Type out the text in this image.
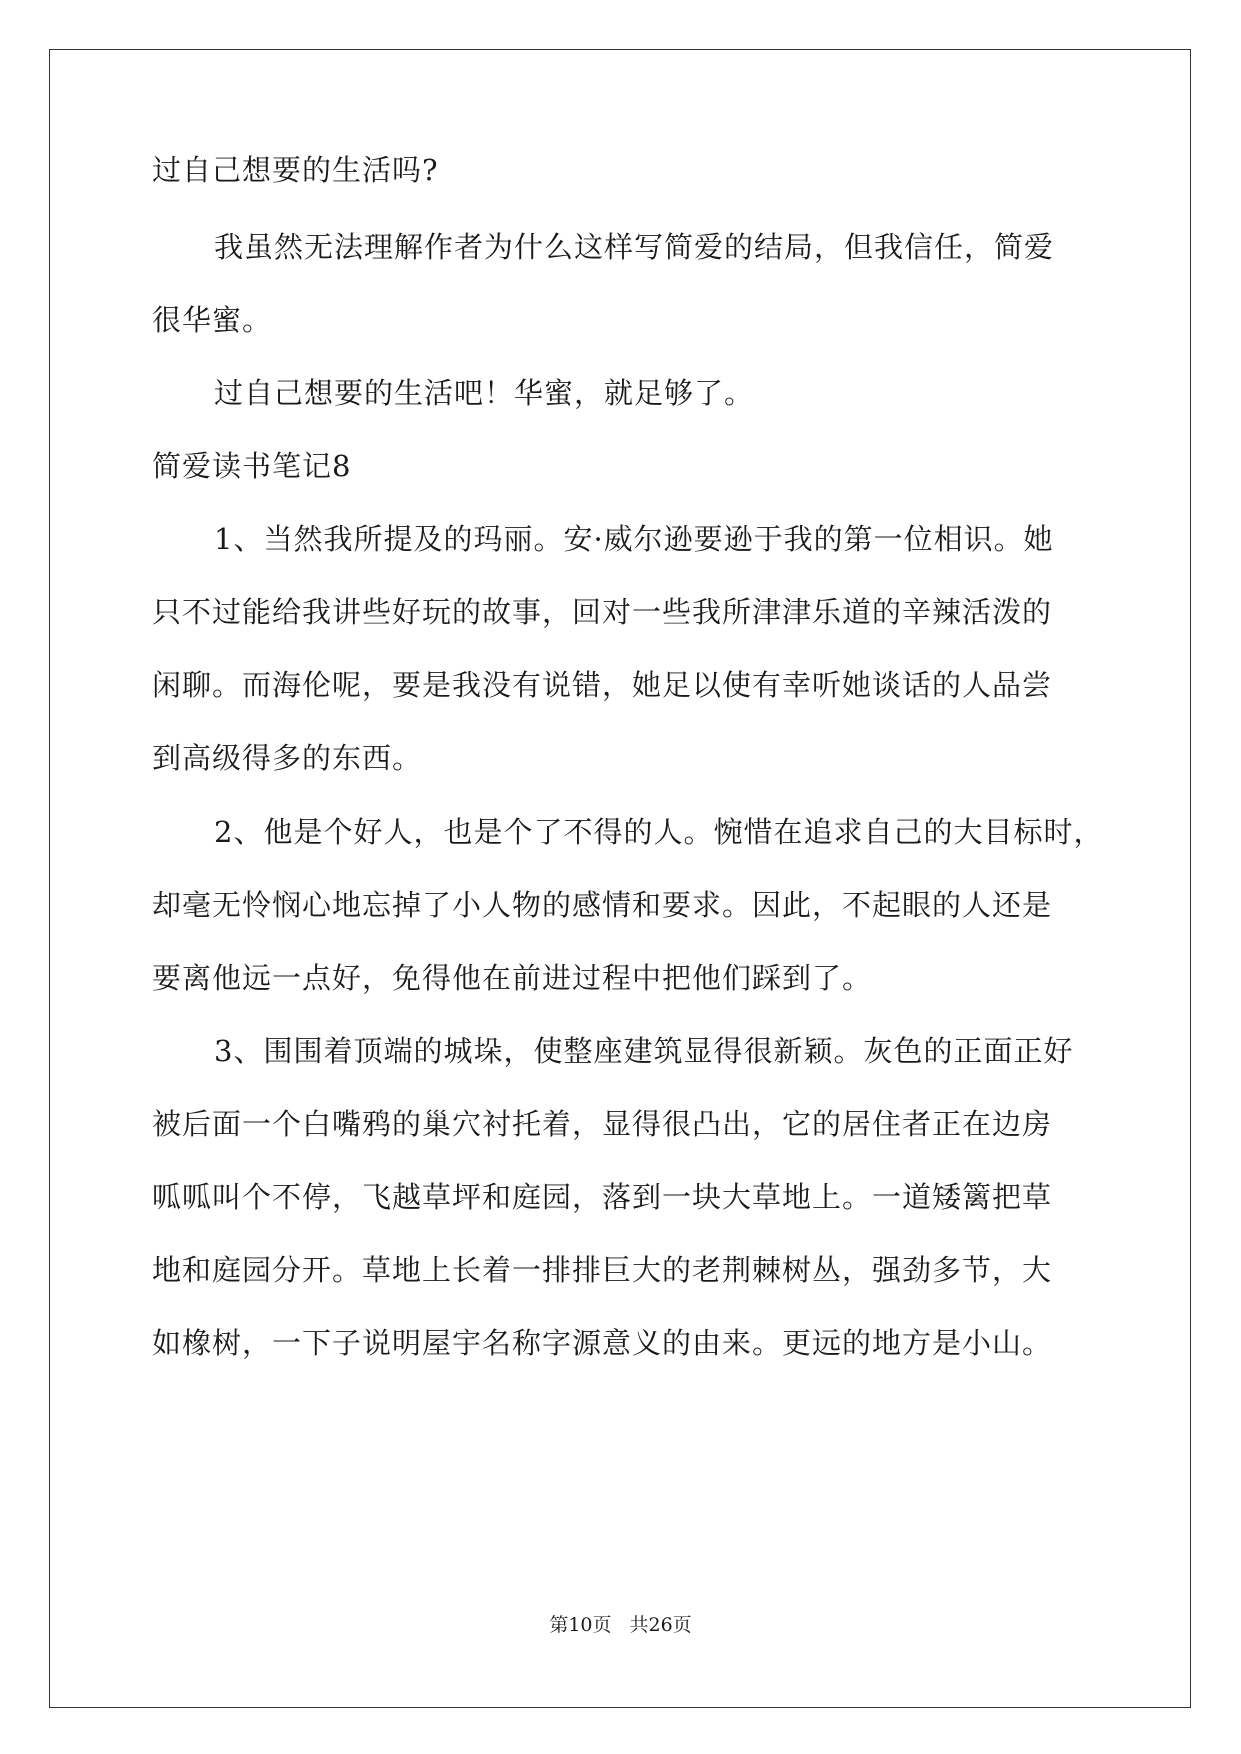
过自己想要的生活吗?
我虽然无法理解作者为什么这样写简爱的结局，但我信任，简爱
很华蜜。
过自己想要的生活吧！华蜜，就足够了。
简爱读书笔记8
1、当然我所提及的玛丽。安·威尔逊要逊于我的第一位相识。她
只不过能给我讲些好玩的故事，回对一些我所津津乐道的辛辣活泼的
闲聊。而海伦呢，要是我没有说错，她足以使有幸听她谈话的人品尝
到高级得多的东西。
2、他是个好人，也是个了不得的人。惋惜在追求自己的大目标时，
却毫无怜悯心地忘掉了小人物的感情和要求。因此，不起眼的人还是
要离他远一点好，免得他在前进过程中把他们踩到了。
3、围围着顶端的城垛，使整座建筑显得很新颖。灰色的正面正好
被后面一个白嘴鸦的巢穴衬托着，显得很凸出，它的居住者正在边房
呱呱叫个不停，飞越草坪和庭园，落到一块大草地上。一道矮篱把草
地和庭园分开。草地上长着一排排巨大的老荆棘树丛，强劲多节，大
如橡树，一下子说明屋宇名称字源意义的由来。更远的地方是小山。
第10页 共26页
